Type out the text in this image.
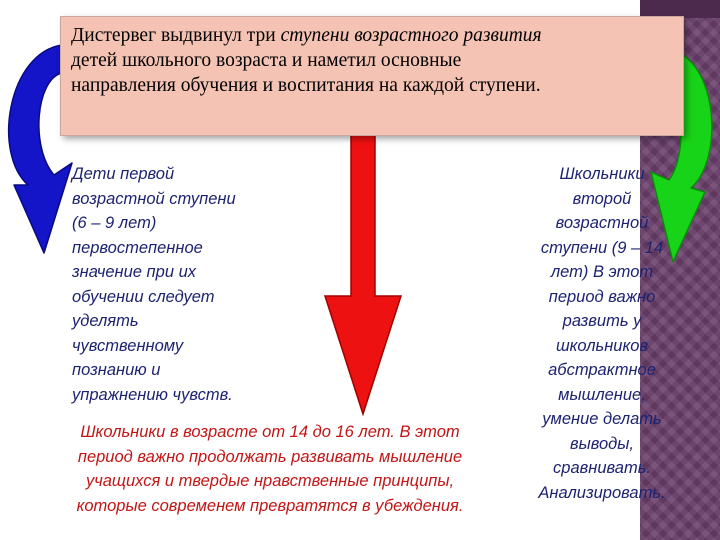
Дистервег выдвинул три ступени возрастного развития
детей школьного возраста и наметил основные
направления обучения и воспитания на каждой ступени.
Дети первой
возрастной ступени
(6 – 9 лет)
первостепенное
значение при их
обучении следует
уделять
чувственному
познанию и
упражнению чувств.
Школьники
второй
возрастной
ступени (9 – 14
лет) В этот
период важно
развить у
школьников
абстрактное
мышление,
умение делать
выводы,
сравнивать.
Анализировать.
Школьники в возрасте от 14 до 16 лет. В этот
период важно продолжать развивать мышление
учащихся и твердые нравственные принципы,
которые современем превратятся в убеждения.
